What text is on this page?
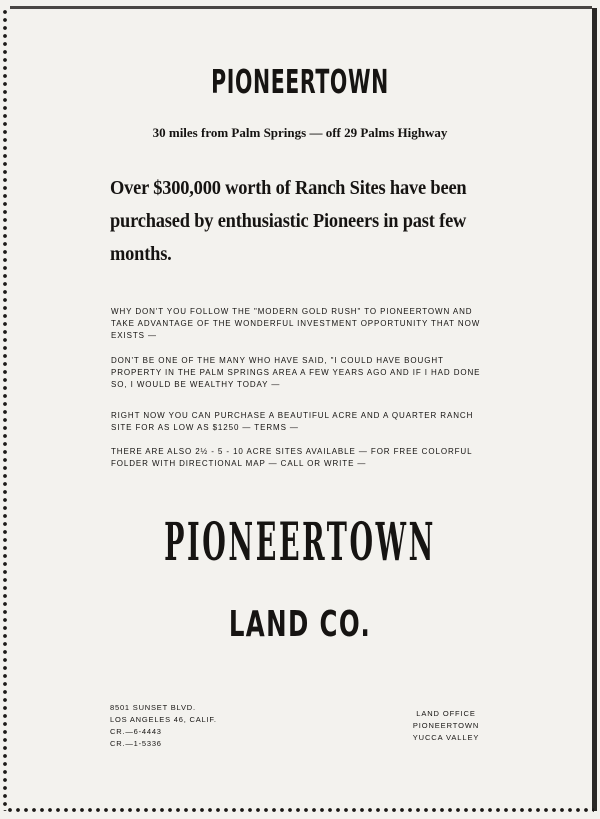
PIONEERTOWN
30 miles from Palm Springs — off 29 Palms Highway
Over $300,000 worth of Ranch Sites have been purchased by enthusiastic Pioneers in past few months.
WHY DON'T YOU FOLLOW THE "MODERN GOLD RUSH" TO PIONEERTOWN AND TAKE ADVANTAGE OF THE WONDERFUL INVESTMENT OPPORTUNITY THAT NOW EXISTS —
DON'T BE ONE OF THE MANY WHO HAVE SAID, "I COULD HAVE BOUGHT PROPERTY IN THE PALM SPRINGS AREA A FEW YEARS AGO AND IF I HAD DONE SO, I WOULD BE WEALTHY TODAY —
RIGHT NOW YOU CAN PURCHASE A BEAUTIFUL ACRE AND A QUARTER RANCH SITE FOR AS LOW AS $1250 — TERMS —
THERE ARE ALSO 2½ - 5 - 10 ACRE SITES AVAILABLE — FOR FREE COLORFUL FOLDER WITH DIRECTIONAL MAP — CALL OR WRITE —
PIONEERTOWN
LAND CO.
8501 SUNSET BLVD.
LOS ANGELES 46, CALIF.
CR.—6-4443
CR.—1-5336
LAND OFFICE
PIONEERTOWN
YUCCA VALLEY
